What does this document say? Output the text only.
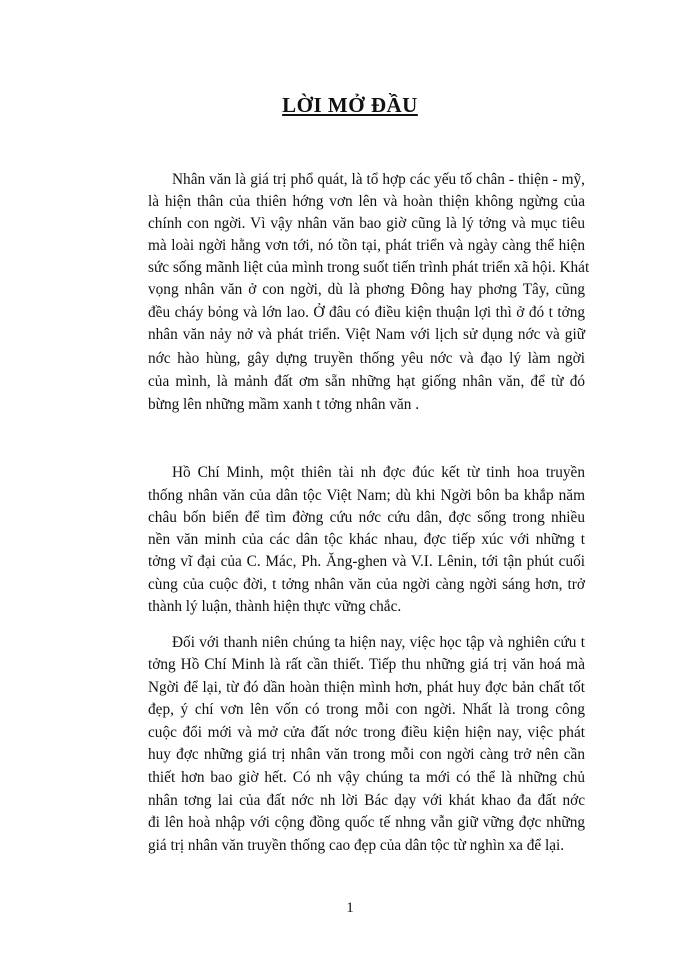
LỜI MỞ ĐẦU
Nhân văn là giá trị phổ quát, là tổ hợp các yếu tố chân - thiện - mỹ,
là hiện thân của thiên hớng vơn lên và hoàn thiện không ngừng của
chính con ngời. Vì vậy nhân văn bao giờ cũng là lý tởng và mục tiêu
mà loài ngời hằng vơn tới, nó tồn tại, phát triển và ngày càng thể hiện
sức sống mãnh liệt của mình trong suốt tiến trình phát triển xã hội. Khát
vọng nhân văn ở con ngời, dù là phơng Đông hay phơng Tây, cũng
đều cháy bỏng và lớn lao. Ở đâu có điều kiện thuận lợi thì ở đó t tởng
nhân văn nảy nở và phát triển. Việt Nam với lịch sử dụng nớc và giữ
nớc hào hùng, gây dựng truyền thống yêu nớc và đạo lý làm ngời
của mình, là mảnh đất ơm sẵn những hạt giống nhân văn, để từ đó
bừng lên những mầm xanh t tởng nhân văn .
Hồ Chí Minh, một thiên tài nh đợc đúc kết từ tinh hoa truyền
thống nhân văn của dân tộc Việt Nam; dù khi Ngời bôn ba khắp năm
châu bốn biển để tìm đờng cứu nớc cứu dân, đợc sống trong nhiều
nền văn minh của các dân tộc khác nhau, đợc tiếp xúc với những t
tởng vĩ đại của C. Mác, Ph. Ăng-ghen và V.I. Lênin, tới tận phút cuối
cùng của cuộc đời, t tởng nhân văn của ngời càng ngời sáng hơn, trở
thành lý luận, thành hiện thực vững chắc.
Đối với thanh niên chúng ta hiện nay, việc học tập và nghiên cứu t
tởng Hồ Chí Minh là rất cần thiết. Tiếp thu những giá trị văn hoá mà
Ngời để lại, từ đó dần hoàn thiện mình hơn, phát huy đợc bản chất tốt
đẹp, ý chí vơn lên vốn có trong mỗi con ngời. Nhất là trong công
cuộc đổi mới và mở cửa đất nớc trong điều kiện hiện nay, việc phát
huy đợc những giá trị nhân văn trong mỗi con ngời càng trở nên cần
thiết hơn bao giờ hết. Có nh vậy chúng ta mới có thể là những chủ
nhân tơng lai của đất nớc nh lời Bác dạy với khát khao đa đất nớc
đi lên hoà nhập với cộng đồng quốc tế nhng vẫn giữ vững đợc những
giá trị nhân văn truyền thống cao đẹp của dân tộc từ nghìn xa để lại.
1
